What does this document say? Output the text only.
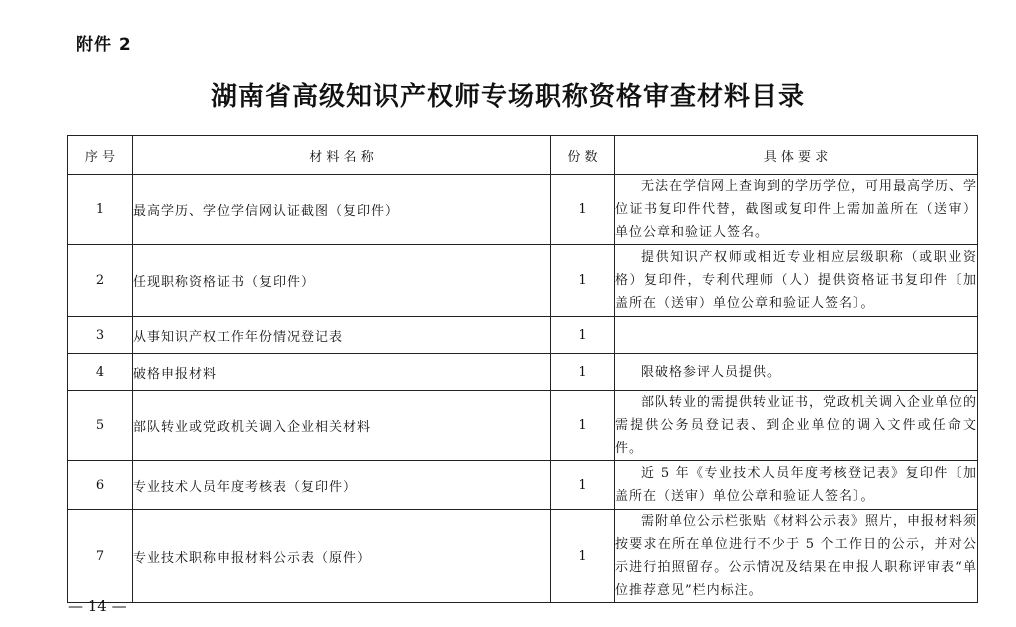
附件 2
湖南省高级知识产权师专场职称资格审查材料目录
序 号	材 料 名 称	份 数	具 体 要 求
1	最高学历、学位学信网认证截图（复印件）	1	无法在学信网上查询到的学历学位，可用最高学历、学位证书复印件代替，截图或复印件上需加盖所在（送审）单位公章和验证人签名。
2	任现职称资格证书（复印件）	1	提供知识产权师或相近专业相应层级职称（或职业资格）复印件，专利代理师（人）提供资格证书复印件〔加盖所在（送审）单位公章和验证人签名〕。
3	从事知识产权工作年份情况登记表	1	
4	破格申报材料	1	限破格参评人员提供。
5	部队转业或党政机关调入企业相关材料	1	部队转业的需提供转业证书，党政机关调入企业单位的需提供公务员登记表、到企业单位的调入文件或任命文件。
6	专业技术人员年度考核表（复印件）	1	近 5 年《专业技术人员年度考核登记表》复印件〔加盖所在（送审）单位公章和验证人签名〕。
7	专业技术职称申报材料公示表（原件）	1	需附单位公示栏张贴《材料公示表》照片，申报材料须按要求在所在单位进行不少于 5 个工作日的公示，并对公示进行拍照留存。公示情况及结果在申报人职称评审表“单位推荐意见”栏内标注。
— 14 —
